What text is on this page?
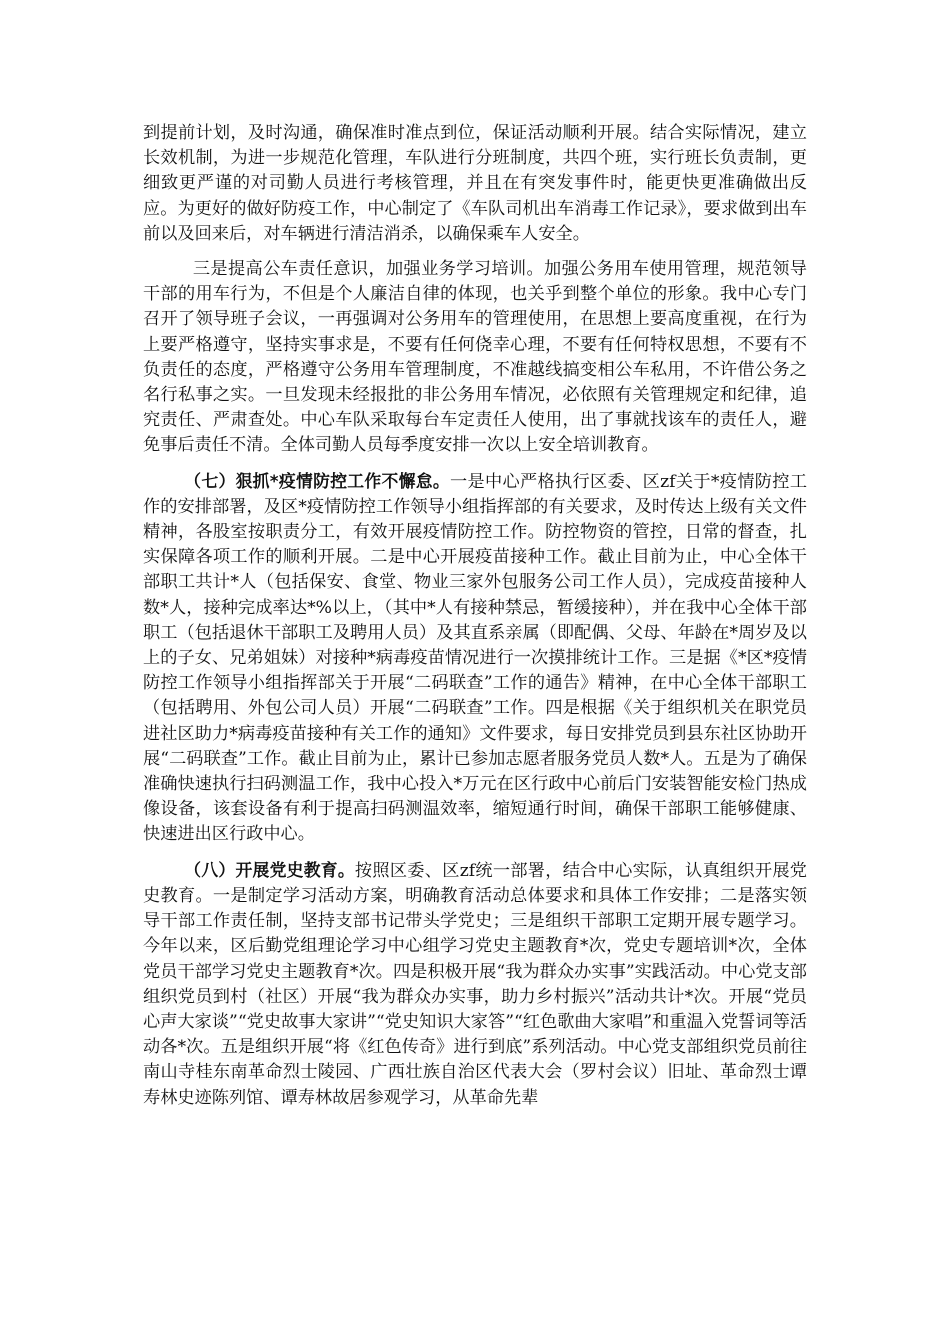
到提前计划，及时沟通，确保准时准点到位，保证活动顺利开展。结合实际情况，建立长效机制，为进一步规范化管理，车队进行分班制度，共四个班，实行班长负责制，更细致更严谨的对司勤人员进行考核管理，并且在有突发事件时，能更快更准确做出反应。为更好的做好防疫工作，中心制定了《车队司机出车消毒工作记录》，要求做到出车前以及回来后，对车辆进行清洁消杀，以确保乘车人安全。

三是提高公车责任意识，加强业务学习培训。加强公务用车使用管理，规范领导干部的用车行为，不但是个人廉洁自律的体现，也关乎到整个单位的形象。我中心专门召开了领导班子会议，一再强调对公务用车的管理使用，在思想上要高度重视，在行为上要严格遵守，坚持实事求是，不要有任何侥幸心理，不要有任何特权思想，不要有不负责任的态度，严格遵守公务用车管理制度，不准越线搞变相公车私用，不许借公务之名行私事之实。一旦发现未经报批的非公务用车情况，必依照有关管理规定和纪律，追究责任、严肃查处。中心车队采取每台车定责任人使用，出了事就找该车的责任人，避免事后责任不清。全体司勤人员每季度安排一次以上安全培训教育。

（七）狠抓*疫情防控工作不懈怠。一是中心严格执行区委、区zf关于*疫情防控工作的安排部署，及区*疫情防控工作领导小组指挥部的有关要求，及时传达上级有关文件精神，各股室按职责分工，有效开展疫情防控工作。防控物资的管控，日常的督查，扎实保障各项工作的顺利开展。二是中心开展疫苗接种工作。截止目前为止，中心全体干部职工共计*人（包括保安、食堂、物业三家外包服务公司工作人员），完成疫苗接种人数*人，接种完成率达*%以上，（其中*人有接种禁忌，暂缓接种），并在我中心全体干部职工（包括退休干部职工及聘用人员）及其直系亲属（即配偶、父母、年龄在*周岁及以上的子女、兄弟姐妹）对接种*病毒疫苗情况进行一次摸排统计工作。三是据《*区*疫情防控工作领导小组指挥部关于开展“二码联查”工作的通告》精神，在中心全体干部职工（包括聘用、外包公司人员）开展“二码联查”工作。四是根据《关于组织机关在职党员进社区助力*病毒疫苗接种有关工作的通知》文件要求，每日安排党员到县东社区协助开展“二码联查”工作。截止目前为止，累计已参加志愿者服务党员人数*人。五是为了确保准确快速执行扫码测温工作，我中心投入*万元在区行政中心前后门安装智能安检门热成像设备，该套设备有利于提高扫码测温效率，缩短通行时间，确保干部职工能够健康、快速进出区行政中心。

（八）开展党史教育。按照区委、区zf统一部署，结合中心实际，认真组织开展党史教育。一是制定学习活动方案，明确教育活动总体要求和具体工作安排；二是落实领导干部工作责任制，坚持支部书记带头学党史；三是组织干部职工定期开展专题学习。今年以来，区后勤党组理论学习中心组学习党史主题教育*次，党史专题培训*次，全体党员干部学习党史主题教育*次。四是积极开展“我为群众办实事”实践活动。中心党支部组织党员到村（社区）开展“我为群众办实事，助力乡村振兴”活动共计*次。开展“党员心声大家谈”“党史故事大家讲”“党史知识大家答”“红色歌曲大家唱”和重温入党誓词等活动各*次。五是组织开展“将《红色传奇》进行到底”系列活动。中心党支部组织党员前往南山寺桂东南革命烈士陵园、广西壮族自治区代表大会（罗村会议）旧址、革命烈士谭寿林史迹陈列馆、谭寿林故居参观学习，从革命先辈
